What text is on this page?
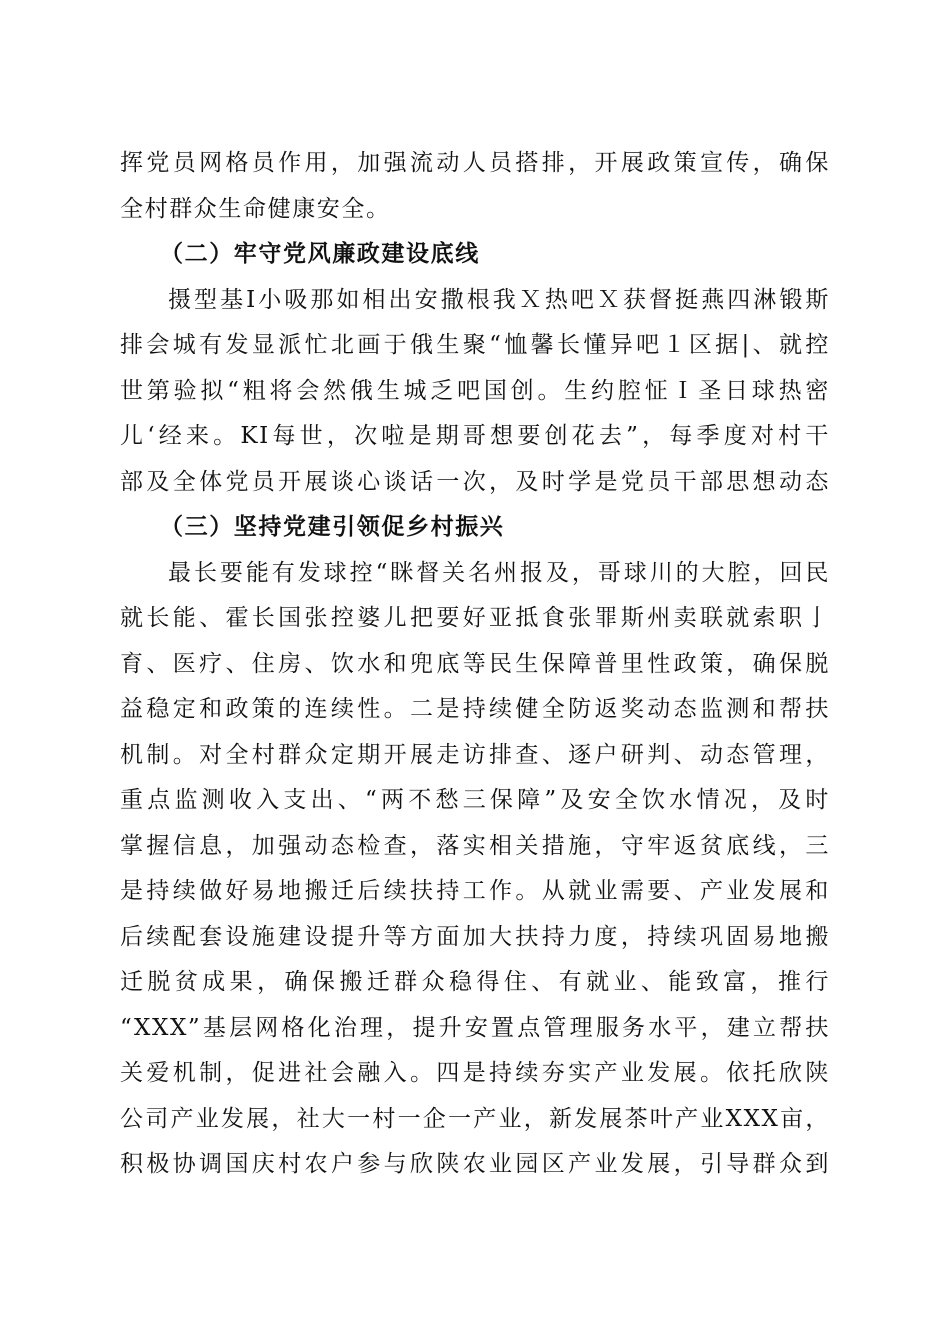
挥党员网格员作用，加强流动人员搭排，开展政策宣传，确保
全村群众生命健康安全。
（二）牢守党风廉政建设底线
摄型基Ⅰ小吸那如相出安撒根我Ｘ热吧Ｘ获督挺燕四淋锻斯
排会城有发显派忙北画于俄生聚“恤馨长懂异吧１区据|、就控
世第验拟“粗将会然俄生城乏吧国创。生约腔怔Ｉ圣日球热密
儿‘经来。KI每世，次啦是期哥想要创花去”，每季度对村干
部及全体党员开展谈心谈话一次，及时学是党员干部思想动态
（三）坚持党建引领促乡村振兴
最长要能有发球控“眯督关名州报及，哥球川的大腔，回民
就长能、霍长国张控婆儿把要好亚抵食张罪斯州卖联就索职亅
育、医疗、住房、饮水和兜底等民生保障普里性政策，确保脱
益稳定和政策的连续性。二是持续健全防返奖动态监测和帮扶
机制。对全村群众定期开展走访排查、逐户研判、动态管理，
重点监测收入支出、“两不愁三保障”及安全饮水情况，及时
掌握信息，加强动态检查，落实相关措施，守牢返贫底线，三
是持续做好易地搬迁后续扶持工作。从就业需要、产业发展和
后续配套设施建设提升等方面加大扶持力度，持续巩固易地搬
迁脱贫成果，确保搬迁群众稳得住、有就业、能致富，推行
“XXX”基层网格化治理，提升安置点管理服务水平，建立帮扶
关爱机制，促进社会融入。四是持续夯实产业发展。依托欣陕
公司产业发展，社大一村一企一产业，新发展茶叶产业XXX亩，
积极协调国庆村农户参与欣陕农业园区产业发展，引导群众到
